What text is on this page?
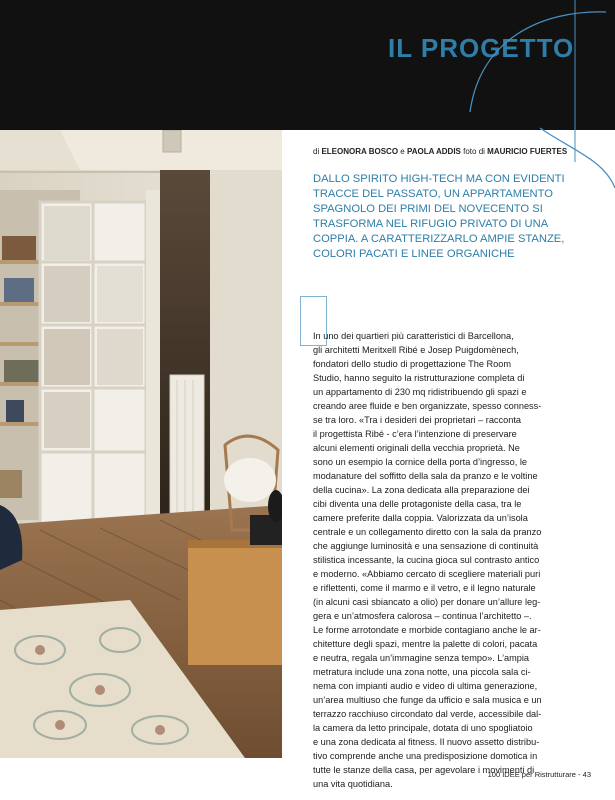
IL PROGETTO
di ELEONORA BOSCO e PAOLA ADDIS foto di MAURICIO FUERTES

DALLO SPIRITO HIGH-TECH MA CON EVIDENTI TRACCE DEL PASSATO, UN APPARTAMENTO SPAGNOLO DEI PRIMI DEL NOVECENTO SI TRASFORMA NEL RIFUGIO PRIVATO DI UNA COPPIA. A CARATTERIZZARLO AMPIE STANZE, COLORI PACATI E LINEE ORGANICHE

In uno dei quartieri più caratteristici di Barcellona,
gli architetti Meritxell Ribé e Josep Puigdomènech,
fondatori dello studio di progettazione The Room
Studio, hanno seguito la ristrutturazione completa di
un appartamento di 230 mq ridistribuendo gli spazi e
creando aree fluide e ben organizzate, spesso conness-
se tra loro. «Tra i desideri dei proprietari – racconta
il progettista Ribé - c’era l’intenzione di preservare
alcuni elementi originali della vecchia proprietà. Ne
sono un esempio la cornice della porta d’ingresso, le
modanature del soffitto della sala da pranzo e le voltine
della cucina». La zona dedicata alla preparazione dei
cibi diventa una delle protagoniste della casa, tra le
camere preferite dalla coppia. Valorizzata da un’isola
centrale e un collegamento diretto con la sala da pranzo
che aggiunge luminosità e una sensazione di continuità
stilistica incessante, la cucina gioca sul contrasto antico
e moderno. «Abbiamo cercato di scegliere materiali puri
e riflettenti, come il marmo e il vetro, e il legno naturale
(in alcuni casi sbiancato a olio) per donare un’allure leg-
gera e un’atmosfera calorosa – continua l’architetto –.
Le forme arrotondate e morbide contagiano anche le ar-
chitetture degli spazi, mentre la palette di colori, pacata
e neutra, regala un’immagine senza tempo». L’ampia
metratura include una zona notte, una piccola sala ci-
nema con impianti audio e video di ultima generazione,
un’area multiuso che funge da ufficio e sala musica e un
terrazzo racchiuso circondato dal verde, accessibile dal-
la camera da letto principale, dotata di uno spogliatoio
e una zona dedicata al fitness. Il nuovo assetto distribu-
tivo comprende anche una predisposizione domotica in
tutte le stanze della casa, per agevolare i movimenti di
una vita quotidiana.
100 IDEE per Ristrutturare - 43
